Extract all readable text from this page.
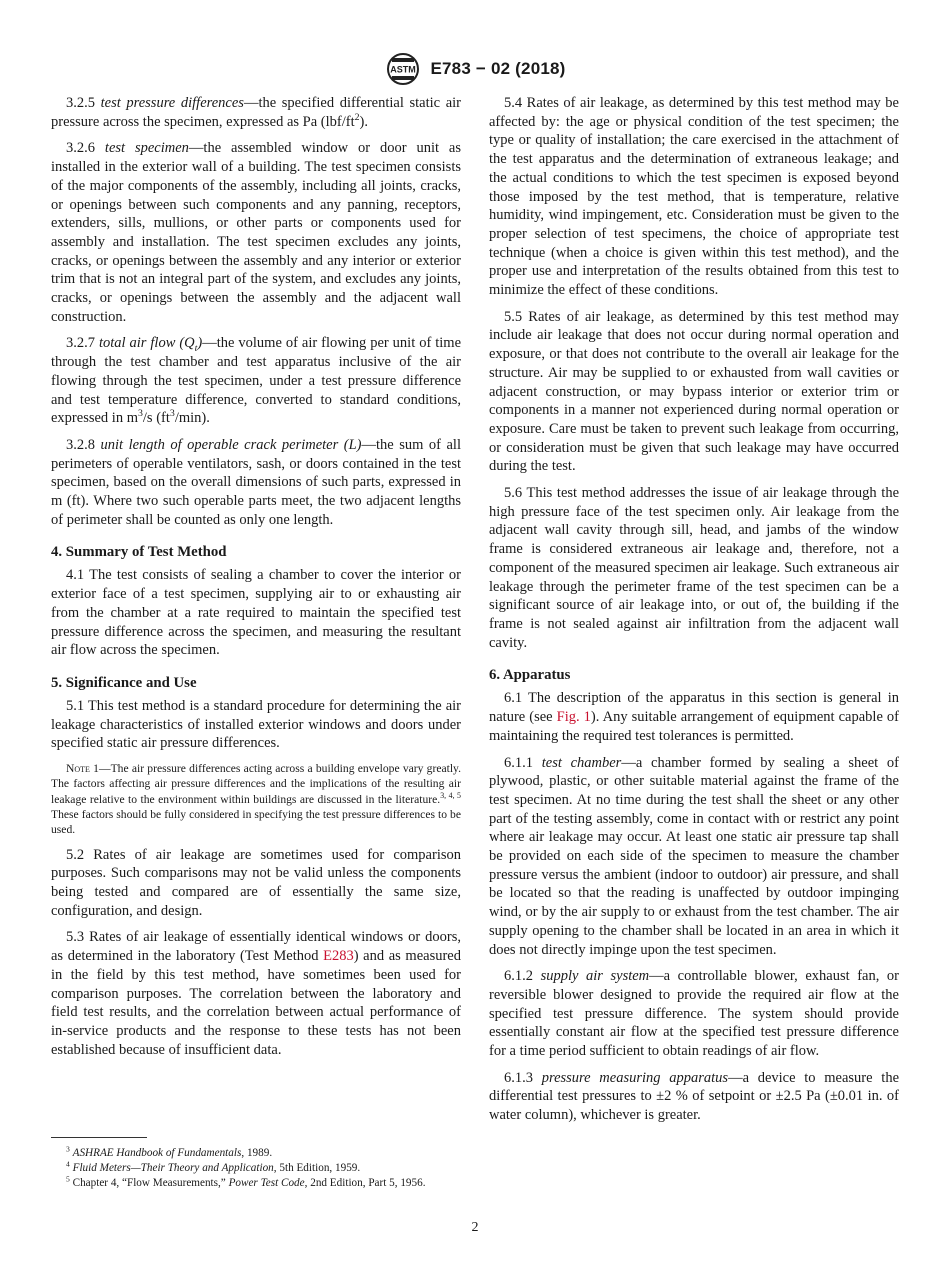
ASTM E783 − 02 (2018)

3.2.5 test pressure differences—the specified differential static air pressure across the specimen, expressed as Pa $(lbf/ft^2)$.

3.2.6 test specimen—the assembled window or door unit as installed in the exterior wall of a building. The test specimen consists of the major components of the assembly, including all joints, cracks, or openings between such components and any panning, receptors, extenders, sills, mullions, or other parts or components used for assembly and installation. The test specimen excludes any joints, cracks, or openings between the assembly and any interior or exterior trim that is not an integral part of the system, and excludes any joints, cracks, or openings between the assembly and the adjacent wall construction.

3.2.7 total air flow $(Q_t)—the$ volume of air flowing per unit of time through the test chamber and test apparatus inclusive of the air flowing through the test specimen, under a test pressure difference and test temperature difference, converted to standard conditions, expressed in $m^3/s$ $(ft^3/\min)$.

3.2.8 unit length of operable crack perimeter (L)—the sum of all perimeters of operable ventilators, sash, or doors contained in the test specimen, based on the overall dimensions of such parts, expressed in m (ft). Where two such operable parts meet, the two adjacent lengths of perimeter shall be counted as only one length.

4. Summary of Test Method

4.1 The test consists of sealing a chamber to cover the interior or exterior face of a test specimen, supplying air to or exhausting air from the chamber at a rate required to maintain the specified test pressure difference across the specimen, and measuring the resultant air flow across the specimen.

5. Significance and Use

5.1 This test method is a standard procedure for determining the air leakage characteristics of installed exterior windows and doors under specified static air pressure differences.

Note 1—The air pressure differences acting across a building envelope vary greatly. The factors affecting air pressure differences and the implications of the resulting air leakage relative to the environment within buildings are discussed in the literature.$^{3, 4, 5}$ These factors should be fully considered in specifying the test pressure differences to be used.

5.2 Rates of air leakage are sometimes used for comparison purposes. Such comparisons may not be valid unless the components being tested and compared are of essentially the same size, configuration, and design.

5.3 Rates of air leakage of essentially identical windows or doors, as determined in the laboratory (Test Method E283) and as measured in the field by this test method, have sometimes been used for comparison purposes. The correlation between the laboratory and field test results, and the correlation between actual performance of in-service products and the response to these tests has not been established because of insufficient data.

$^3$ ASHRAE Handbook of Fundamentals, 1989.

$^4$ Fluid Meters—Their Theory and Application, 5th Edition, 1959.

$^5$ Chapter 4, “Flow Measurements,” Power Test Code, 2nd Edition, Part 5, 1956.

5.4 Rates of air leakage, as determined by this test method may be affected by: the age or physical condition of the test specimen; the type or quality of installation; the care exercised in the attachment of the test apparatus and the determination of extraneous leakage; and the actual conditions to which the test specimen is exposed beyond those imposed by the test method, that is temperature, relative humidity, wind impingement, etc. Consideration must be given to the proper selection of test specimens, the choice of appropriate test technique (when a choice is given within this test method), and the proper use and interpretation of the results obtained from this test to minimize the effect of these conditions.

5.5 Rates of air leakage, as determined by this test method may include air leakage that does not occur during normal operation and exposure, or that does not contribute to the overall air leakage for the structure. Air may be supplied to or exhausted from wall cavities or adjacent construction, or may bypass interior or exterior trim or components in a manner not experienced during normal operation or exposure. Care must be taken to prevent such leakage from occurring, or consideration must be given that such leakage may have occurred during the test.

5.6 This test method addresses the issue of air leakage through the high pressure face of the test specimen only. Air leakage from the adjacent wall cavity through sill, head, and jambs of the window frame is considered extraneous air leakage and, therefore, not a component of the measured specimen air leakage. Such extraneous air leakage through the perimeter frame of the test specimen can be a significant source of air leakage into, or out of, the building if the frame is not sealed against air infiltration from the adjacent wall cavity.

6. Apparatus

6.1 The description of the apparatus in this section is general in nature (see Fig. 1). Any suitable arrangement of equipment capable of maintaining the required test tolerances is permitted.

6.1.1 test chamber—a chamber formed by sealing a sheet of plywood, plastic, or other suitable material against the frame of the test specimen. At no time during the test shall the sheet or any other part of the testing assembly, come in contact with or restrict any point where air leakage may occur. At least one static air pressure tap shall be provided on each side of the specimen to measure the chamber pressure versus the ambient (indoor to outdoor) air pressure, and shall be located so that the reading is unaffected by outdoor impinging wind, or by the air supply to or exhaust from the test chamber. The air supply opening to the chamber shall be located in an area in which it does not directly impinge upon the test specimen.

6.1.2 supply air system—a controllable blower, exhaust fan, or reversible blower designed to provide the required air flow at the specified test pressure difference. The system should provide essentially constant air flow at the specified test pressure difference for a time period sufficient to obtain readings of air flow.

6.1.3 pressure measuring apparatus—a device to measure the differential test pressures to ±2 % of setpoint or ±2.5 Pa (±0.01 in. of water column), whichever is greater.

2
